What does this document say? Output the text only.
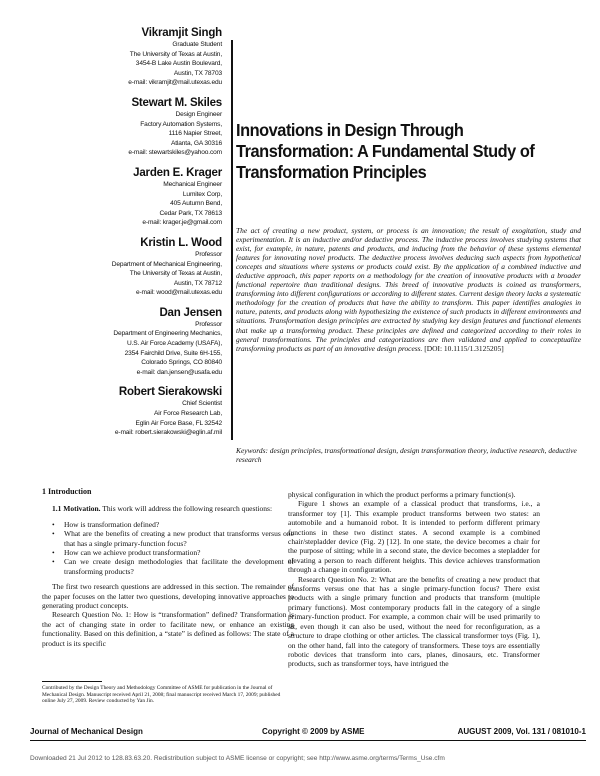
Vikramjit Singh
Graduate Student
The University of Texas at Austin,
3454-B Lake Austin Boulevard,
Austin, TX 78703
e-mail: vikramjit@mail.utexas.edu
Stewart M. Skiles
Design Engineer
Factory Automation Systems,
1116 Napier Street,
Atlanta, GA 30316
e-mail: stewartskiles@yahoo.com
Jarden E. Krager
Mechanical Engineer
Lumitex Corp,
405 Autumn Bend,
Cedar Park, TX 78613
e-mail: krager.je@gmail.com
Kristin L. Wood
Professor
Department of Mechanical Engineering,
The University of Texas at Austin,
Austin, TX 78712
e-mail: wood@mail.utexas.edu
Dan Jensen
Professor
Department of Engineering Mechanics,
U.S. Air Force Academy (USAFA),
2354 Fairchild Drive, Suite 6H-155,
Colorado Springs, CO 80840
e-mail: dan.jensen@usafa.edu
Robert Sierakowski
Chief Scientist
Air Force Research Lab,
Eglin Air Force Base, FL 32542
e-mail: robert.sierakowski@eglin.af.mil
Innovations in Design Through Transformation: A Fundamental Study of Transformation Principles
The act of creating a new product, system, or process is an innovation; the result of exogitation, study and experimentation. It is an inductive and/or deductive process. The inductive process involves studying systems that exist, for example, in nature, patents and products, and inducing from the behavior of these systems elemental features for innovating novel products. The deductive process involves deducing such aspects from hypothetical concepts and situations where systems or products could exist. By the application of a combined inductive and deductive approach, this paper reports on a methodology for the creation of innovative products with a broader functional repertoire than traditional designs. This breed of innovative products is coined as transformers, transforming into different configurations or according to different states. Current design theory lacks a systematic methodology for the creation of products that have the ability to transform. This paper identifies analogies in nature, patents, and products along with hypothesizing the existence of such products in different environments and situations. Transformation design principles are extracted by studying key design features and functional elements that make up a transforming product. These principles are defined and categorized according to their roles in general transformations. The principles and categorizations are then validated and applied to conceptualize transforming products as part of an innovative design process. [DOI: 10.1115/1.3125205]
Keywords: design principles, transformational design, design transformation theory, inductive research, deductive research
1 Introduction

1.1 Motivation. This work will address the following research questions:

• How is transformation defined?
• What are the benefits of creating a new product that transforms versus one that has a single primary-function focus?
• How can we achieve product transformation?
• Can we create design methodologies that facilitate the development of transforming products?

The first two research questions are addressed in this section. The remainder of the paper focuses on the latter two questions, developing innovative approaches to generating product concepts.

Research Question No. 1: How is “transformation” defined? Transformation is the act of changing state in order to facilitate new, or enhance an existing functionality. Based on this definition, a “state” is defined as follows: The state of a product is its specific

physical configuration in which the product performs a primary function(s).

Figure 1 shows an example of a classical product that transforms, i.e., a transformer toy [1]. This example product transforms between two states: an automobile and a humanoid robot. It is intended to perform different primary functions in these two distinct states. A second example is a combined chair/stepladder device (Fig. 2) [12]. In one state, the device becomes a chair for the purpose of sitting; while in a second state, the device becomes a stepladder for elevating a person to reach different heights. This device achieves transformation through a change in configuration.

Research Question No. 2: What are the benefits of creating a new product that transforms versus one that has a single primary-function focus? There exist products with a single primary function and products that transform (multiple primary functions). Most contemporary products fall in the category of a single primary-function product. For example, a common chair will be used primarily to sit, even though it can also be used, without the need for reconfiguration, as a structure to drape clothing or other articles. The classical transformer toys (Fig. 1), on the other hand, fall into the category of transformers. These toys are essentially robotic devices that transform into cars, planes, dinosaurs, etc. Transformer products, such as transformer toys, have intrigued the

Contributed by the Design Theory and Methodology Committee of ASME for publication in the Journal of Mechanical Design. Manuscript received April 21, 2008; final manuscript received March 17, 2009; published online July 27, 2009. Review conducted by Yan Jin.
Journal of Mechanical Design	Copyright © 2009 by ASME	AUGUST 2009, Vol. 131 / 081010-1
Downloaded 21 Jul 2012 to 128.83.63.20. Redistribution subject to ASME license or copyright; see http://www.asme.org/terms/Terms_Use.cfm
